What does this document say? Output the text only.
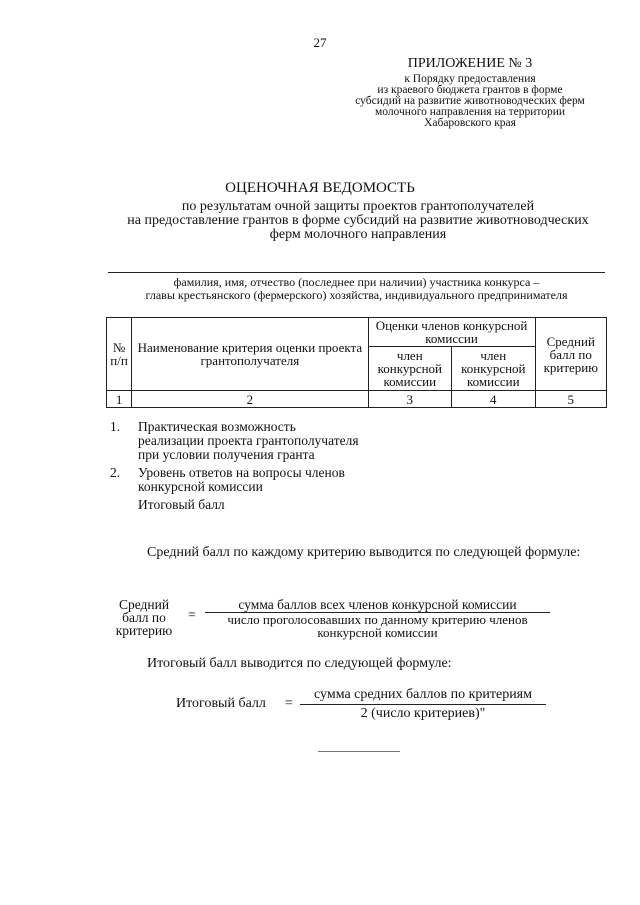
27
ПРИЛОЖЕНИЕ № 3
к Порядку предоставления
из краевого бюджета грантов в форме
субсидий на развитие животноводческих ферм
молочного направления на территории
Хабаровского края
ОЦЕНОЧНАЯ ВЕДОМОСТЬ
по результатам очной защиты проектов грантополучателей
на предоставление грантов в форме субсидий на развитие животноводческих
ферм молочного направления
фамилия, имя, отчество (последнее при наличии) участника конкурса –
главы крестьянского (фермерского) хозяйства, индивидуального предпринимателя
№ п/п	Наименование критерия оценки проекта грантополучателя	Оценки членов конкурсной комиссии		Средний балл по критерию
		член конкурсной комиссии	член конкурсной комиссии	
1	2	3	4	5
1.	Практическая возможность реализации проекта грантополучателя при условии получения гранта
2.	Уровень ответов на вопросы членов конкурсной комиссии
Итоговый балл
Средний балл по каждому критерию выводится по следующей формуле:
Средний балл по критерию
=
сумма баллов всех членов конкурсной комиссии
число проголосовавших по данному критерию членов конкурсной комиссии
Итоговый балл выводится по следующей формуле:
Итоговый балл =
сумма средних баллов по критериям
2 (число критериев)"
